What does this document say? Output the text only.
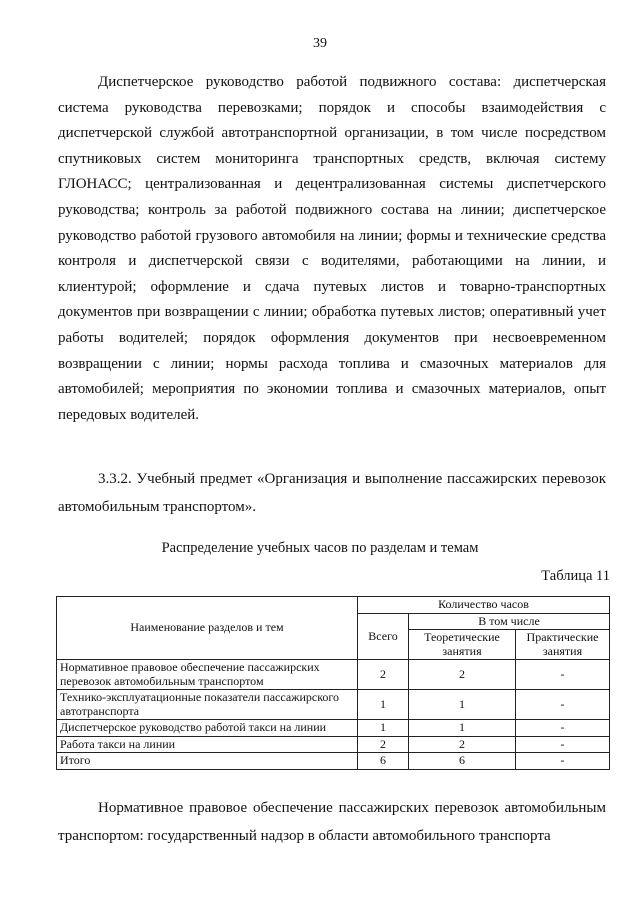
39

Диспетчерское руководство работой подвижного состава: диспетчерская система руководства перевозками; порядок и способы взаимодействия с диспетчерской службой автотранспортной организации, в том числе посредством спутниковых систем мониторинга транспортных средств, включая систему ГЛОНАСС; централизованная и децентрализованная системы диспетчерского руководства; контроль за работой подвижного состава на линии; диспетчерское руководство работой грузового автомобиля на линии; формы и технические средства контроля и диспетчерской связи с водителями, работающими на линии, и клиентурой; оформление и сдача путевых листов и товарно-транспортных документов при возвращении с линии; обработка путевых листов; оперативный учет работы водителей; порядок оформления документов при несвоевременном возвращении с линии; нормы расхода топлива и смазочных материалов для автомобилей; мероприятия по экономии топлива и смазочных материалов, опыт передовых водителей.

3.3.2. Учебный предмет «Организация и выполнение пассажирских перевозок автомобильным транспортом».

Распределение учебных часов по разделам и темам
Таблица 11
Наименование разделов и тем	Количество часов		
	Всего	В том числе	
		Теоретические занятия	Практические занятия
Нормативное правовое обеспечение пассажирских перевозок автомобильным транспортом	2	2	-
Технико-эксплуатационные показатели пассажирского автотранспорта	1	1	-
Диспетчерское руководство работой такси на линии	1	1	-
Работа такси на линии	2	2	-
Итого	6	6	-

Нормативное правовое обеспечение пассажирских перевозок автомобильным транспортом: государственный надзор в области автомобильного транспорта
